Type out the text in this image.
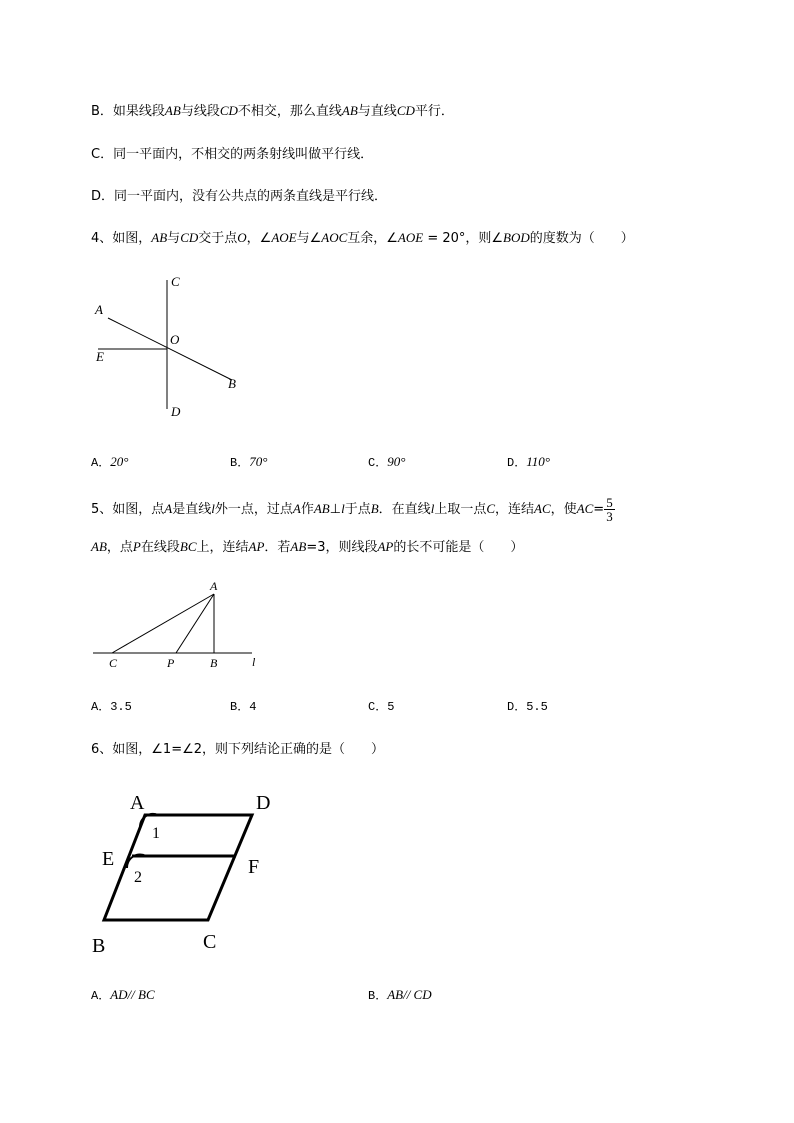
B．如果线段AB与线段CD不相交，那么直线AB与直线CD平行．
C．同一平面内，不相交的两条射线叫做平行线．
D．同一平面内，没有公共点的两条直线是平行线．
4、如图，AB与CD交于点O，∠AOE与∠AOC互余，∠AOE = 20°，则∠BOD的度数为（　　）
C
A
O
E
B
D
A．20°	B．70°	C．90°	D．110°
5、如图，点A是直线l外一点，过点A作AB⊥l于点B．在直线l上取一点C，连结AC，使$AC= \frac{5}{3}$
AB，点P在线段BC上，连结AP．若AB=3，则线段AP的长不可能是（　　）
A
C	P	B	l
A．3.5	B．4	C．5	D．5.5
6、如图，∠1=∠2，则下列结论正确的是（　　）
A	D
E	F
B	C
1
2
A．AD// BC	B．AB// CD
